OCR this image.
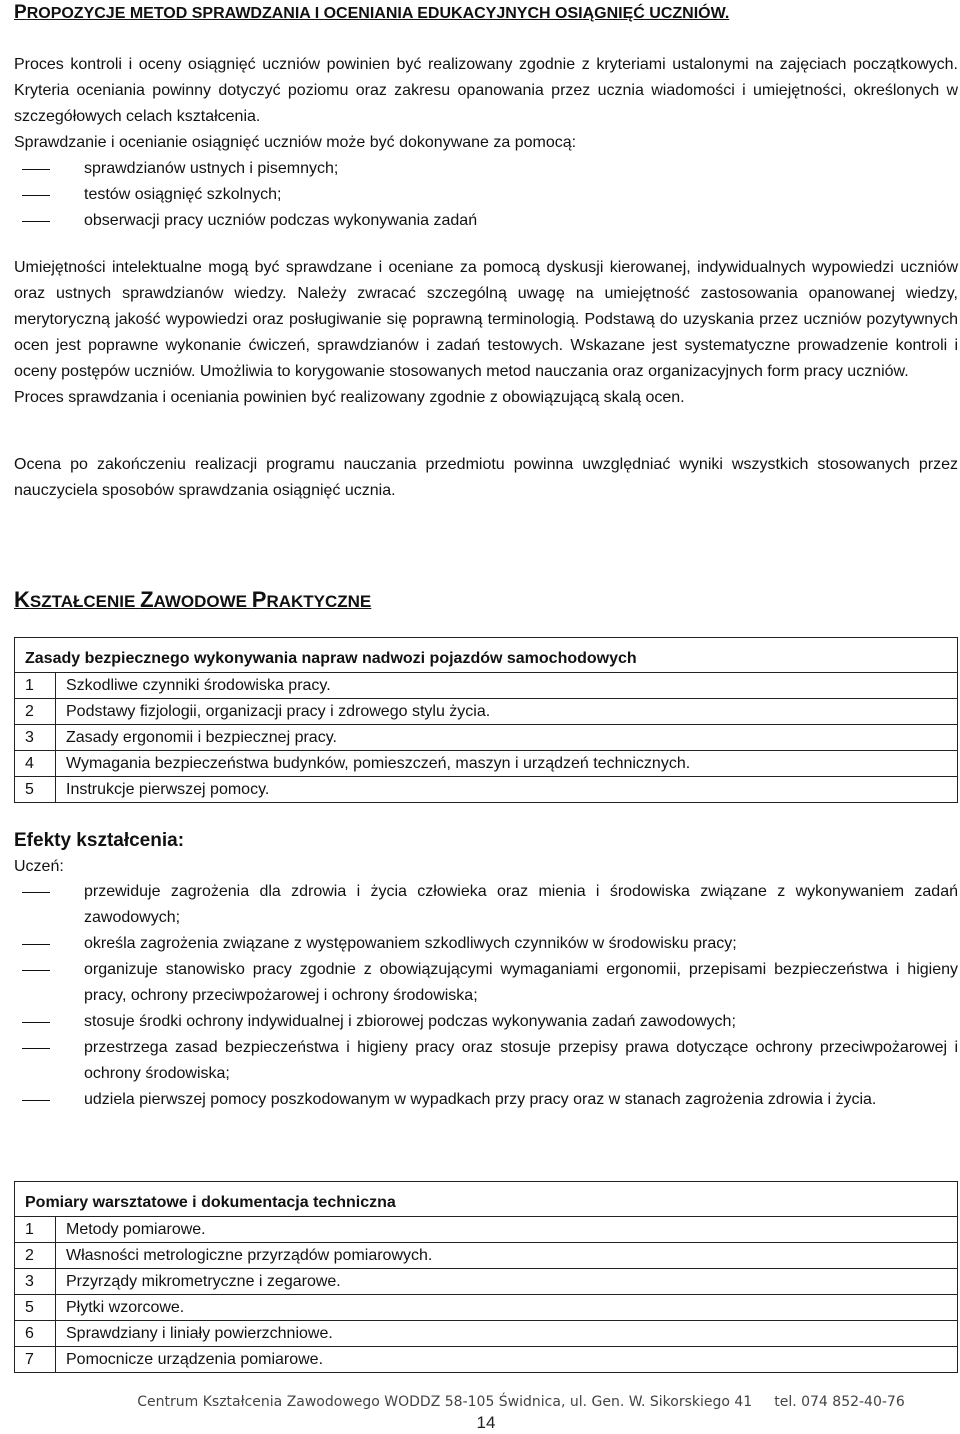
PROPOZYCJE METOD SPRAWDZANIA I OCENIANIA EDUKACYJNYCH OSIĄGNIĘĆ UCZNIÓW.

Proces kontroli i oceny osiągnięć uczniów powinien być realizowany zgodnie z kryteriami ustalonymi na zajęciach początkowych. Kryteria oceniania powinny dotyczyć poziomu oraz zakresu opanowania przez ucznia wiadomości i umiejętności, określonych w szczegółowych celach kształcenia.

Sprawdzanie i ocenianie osiągnięć uczniów może być dokonywane za pomocą:

sprawdzianów ustnych i pisemnych;
testów osiągnięć szkolnych;
obserwacji pracy uczniów podczas wykonywania zadań

Umiejętności intelektualne mogą być sprawdzane i oceniane za pomocą dyskusji kierowanej, indywidualnych wypowiedzi uczniów oraz ustnych sprawdzianów wiedzy. Należy zwracać szczególną uwagę na umiejętność zastosowania opanowanej wiedzy, merytoryczną jakość wypowiedzi oraz posługiwanie się poprawną terminologią. Podstawą do uzyskania przez uczniów pozytywnych ocen jest poprawne wykonanie ćwiczeń, sprawdzianów i zadań testowych. Wskazane jest systematyczne prowadzenie kontroli i oceny postępów uczniów. Umożliwia to korygowanie stosowanych metod nauczania oraz organizacyjnych form pracy uczniów.

Proces sprawdzania i oceniania powinien być realizowany zgodnie z obowiązującą skalą ocen.

Ocena po zakończeniu realizacji programu nauczania przedmiotu powinna uwzględniać wyniki wszystkich stosowanych przez nauczyciela sposobów sprawdzania osiągnięć ucznia.

KSZTAŁCENIE ZAWODOWE PRAKTYCZNE
Zasady bezpiecznego wykonywania napraw nadwozi pojazdów samochodowych	
1	Szkodliwe czynniki środowiska pracy.
2	Podstawy fizjologii, organizacji pracy i zdrowego stylu życia.
3	Zasady ergonomii i bezpiecznej pracy.
4	Wymagania bezpieczeństwa budynków, pomieszczeń, maszyn i urządzeń technicznych.
5	Instrukcje pierwszej pomocy.
Efekty kształcenia:
Uczeń:
przewiduje zagrożenia dla zdrowia i życia człowieka oraz mienia i środowiska związane z wykonywaniem zadań zawodowych;
określa zagrożenia związane z występowaniem szkodliwych czynników w środowisku pracy;
organizuje stanowisko pracy zgodnie z obowiązującymi wymaganiami ergonomii, przepisami bezpieczeństwa i higieny pracy, ochrony przeciwpożarowej i ochrony środowiska;
stosuje środki ochrony indywidualnej i zbiorowej podczas wykonywania zadań zawodowych;
przestrzega zasad bezpieczeństwa i higieny pracy oraz stosuje przepisy prawa dotyczące ochrony przeciwpożarowej i ochrony środowiska;
udziela pierwszej pomocy poszkodowanym w wypadkach przy pracy oraz w stanach zagrożenia zdrowia i życia.
Pomiary warsztatowe i dokumentacja techniczna	
1	Metody pomiarowe.
2	Własności metrologiczne przyrządów pomiarowych.
3	Przyrządy mikrometryczne i zegarowe.
5	Płytki wzorcowe.
6	Sprawdziany i liniały powierzchniowe.
7	Pomocnicze urządzenia pomiarowe.
Centrum Kształcenia Zawodowego WODDZ 58-105 Świdnica, ul. Gen. W. Sikorskiego 41 tel. 074 852-40-76
14
